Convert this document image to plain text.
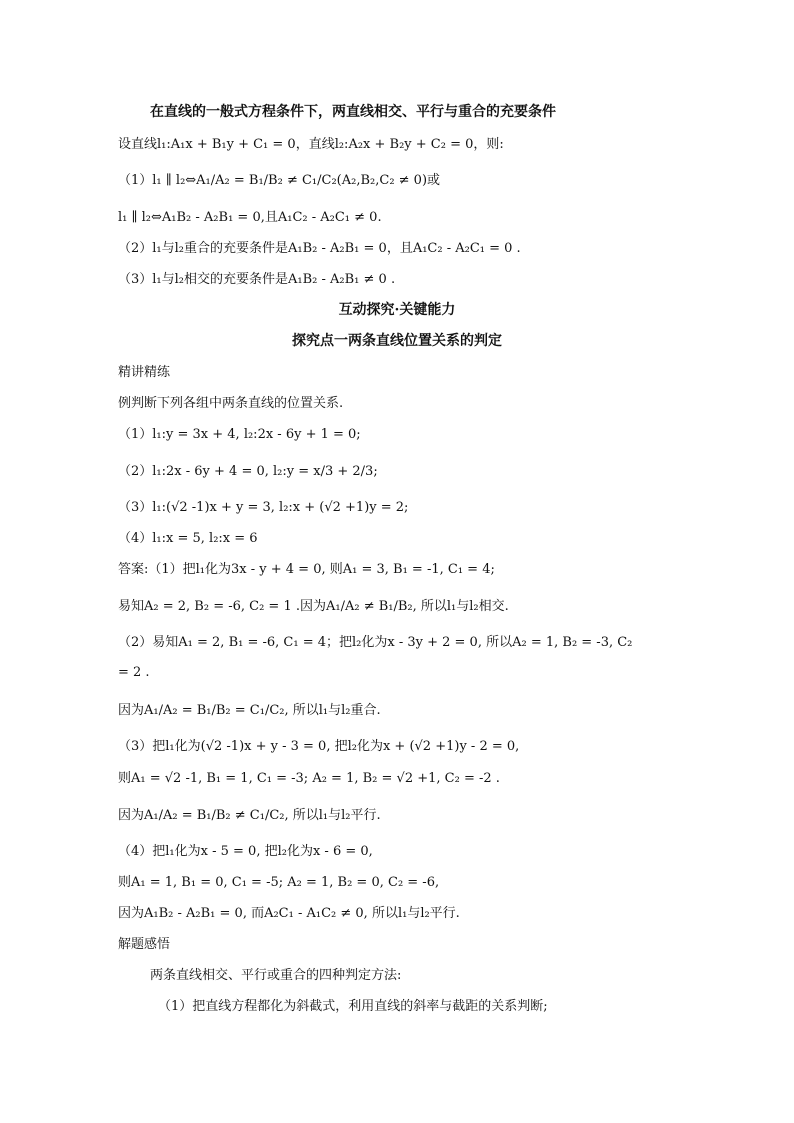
在直线的一般式方程条件下，两直线相交、平行与重合的充要条件
设直线l₁:A₁x + B₁y + C₁ = 0，直线l₂:A₂x + B₂y + C₂ = 0，则:
（1）l₁ ∥ l₂⇔A₁/A₂ = B₁/B₂ ≠ C₁/C₂(A₂,B₂,C₂ ≠ 0)或
l₁ ∥ l₂⇔A₁B₂ - A₂B₁ = 0,且A₁C₂ - A₂C₁ ≠ 0.
（2）l₁与l₂重合的充要条件是A₁B₂ - A₂B₁ = 0，且A₁C₂ - A₂C₁ = 0 .
（3）l₁与l₂相交的充要条件是A₁B₂ - A₂B₁ ≠ 0 .
互动探究·关键能力
探究点一两条直线位置关系的判定
精讲精练
例判断下列各组中两条直线的位置关系.
（1）l₁:y = 3x + 4, l₂:2x - 6y + 1 = 0;
（2）l₁:2x - 6y + 4 = 0, l₂:y = x/3 + 2/3;
（3）l₁:(√2 -1)x + y = 3, l₂:x + (√2 +1)y = 2;
（4）l₁:x = 5, l₂:x = 6
答案:（1）把l₁化为3x - y + 4 = 0, 则A₁ = 3, B₁ = -1, C₁ = 4;
易知A₂ = 2, B₂ = -6, C₂ = 1 .因为A₁/A₂ ≠ B₁/B₂, 所以l₁与l₂相交.
（2）易知A₁ = 2, B₁ = -6, C₁ = 4；把l₂化为x - 3y + 2 = 0, 所以A₂ = 1, B₂ = -3, C₂
= 2 .
因为A₁/A₂ = B₁/B₂ = C₁/C₂, 所以l₁与l₂重合.
（3）把l₁化为(√2 -1)x + y - 3 = 0, 把l₂化为x + (√2 +1)y - 2 = 0,
则A₁ = √2 -1, B₁ = 1, C₁ = -3; A₂ = 1, B₂ = √2 +1, C₂ = -2 .
因为A₁/A₂ = B₁/B₂ ≠ C₁/C₂, 所以l₁与l₂平行.
（4）把l₁化为x - 5 = 0, 把l₂化为x - 6 = 0,
则A₁ = 1, B₁ = 0, C₁ = -5; A₂ = 1, B₂ = 0, C₂ = -6,
因为A₁B₂ - A₂B₁ = 0, 而A₂C₁ - A₁C₂ ≠ 0, 所以l₁与l₂平行.
解题感悟
两条直线相交、平行或重合的四种判定方法:
（1）把直线方程都化为斜截式，利用直线的斜率与截距的关系判断;
